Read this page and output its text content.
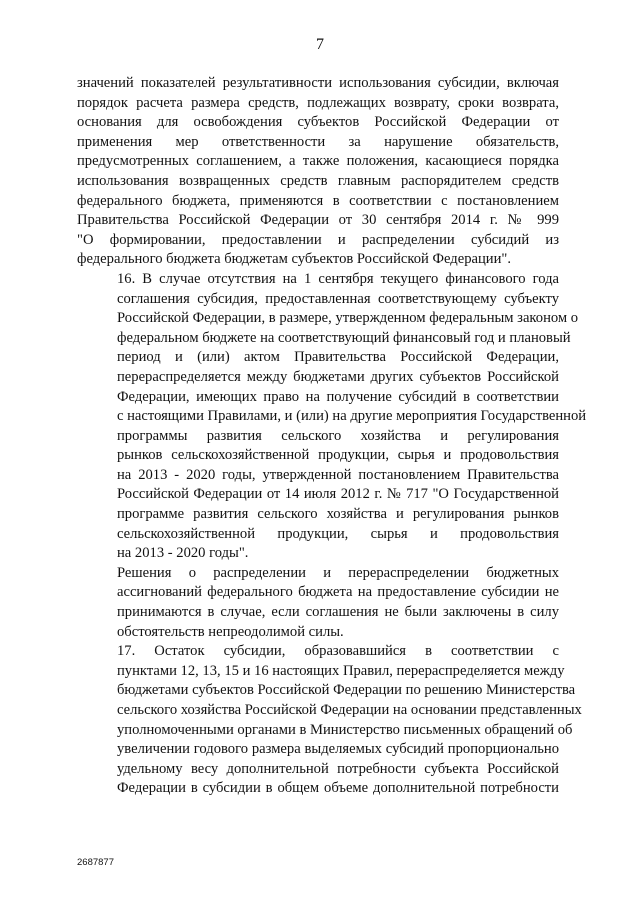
7

значений показателей результативности использования субсидии, включая
порядок расчета размера средств, подлежащих возврату, сроки возврата,
основания для освобождения субъектов Российской Федерации от
применения мер ответственности за нарушение обязательств,
предусмотренных соглашением, а также положения, касающиеся порядка
использования возвращенных средств главным распорядителем средств
федерального бюджета, применяются в соответствии с постановлением
Правительства Российской Федерации от 30 сентября 2014 г. № 999
"О формировании, предоставлении и распределении субсидий из
федерального бюджета бюджетам субъектов Российской Федерации".

16. В случае отсутствия на 1 сентября текущего финансового года
соглашения субсидия, предоставленная соответствующему субъекту
Российской Федерации, в размере, утвержденном федеральным законом о
федеральном бюджете на соответствующий финансовый год и плановый
период и (или) актом Правительства Российской Федерации,
перераспределяется между бюджетами других субъектов Российской
Федерации, имеющих право на получение субсидий в соответствии
с настоящими Правилами, и (или) на другие мероприятия Государственной
программы развития сельского хозяйства и регулирования
рынков сельскохозяйственной продукции, сырья и продовольствия
на 2013 - 2020 годы, утвержденной постановлением Правительства
Российской Федерации от 14 июля 2012 г. № 717 "О Государственной
программе развития сельского хозяйства и регулирования рынков
сельскохозяйственной продукции, сырья и продовольствия
на 2013 - 2020 годы".

Решения о распределении и перераспределении бюджетных
ассигнований федерального бюджета на предоставление субсидии не
принимаются в случае, если соглашения не были заключены в силу
обстоятельств непреодолимой силы.

17. Остаток субсидии, образовавшийся в соответствии с
пунктами 12, 13, 15 и 16 настоящих Правил, перераспределяется между
бюджетами субъектов Российской Федерации по решению Министерства
сельского хозяйства Российской Федерации на основании представленных
уполномоченными органами в Министерство письменных обращений об
увеличении годового размера выделяемых субсидий пропорционально
удельному весу дополнительной потребности субъекта Российской
Федерации в субсидии в общем объеме дополнительной потребности

2687877
